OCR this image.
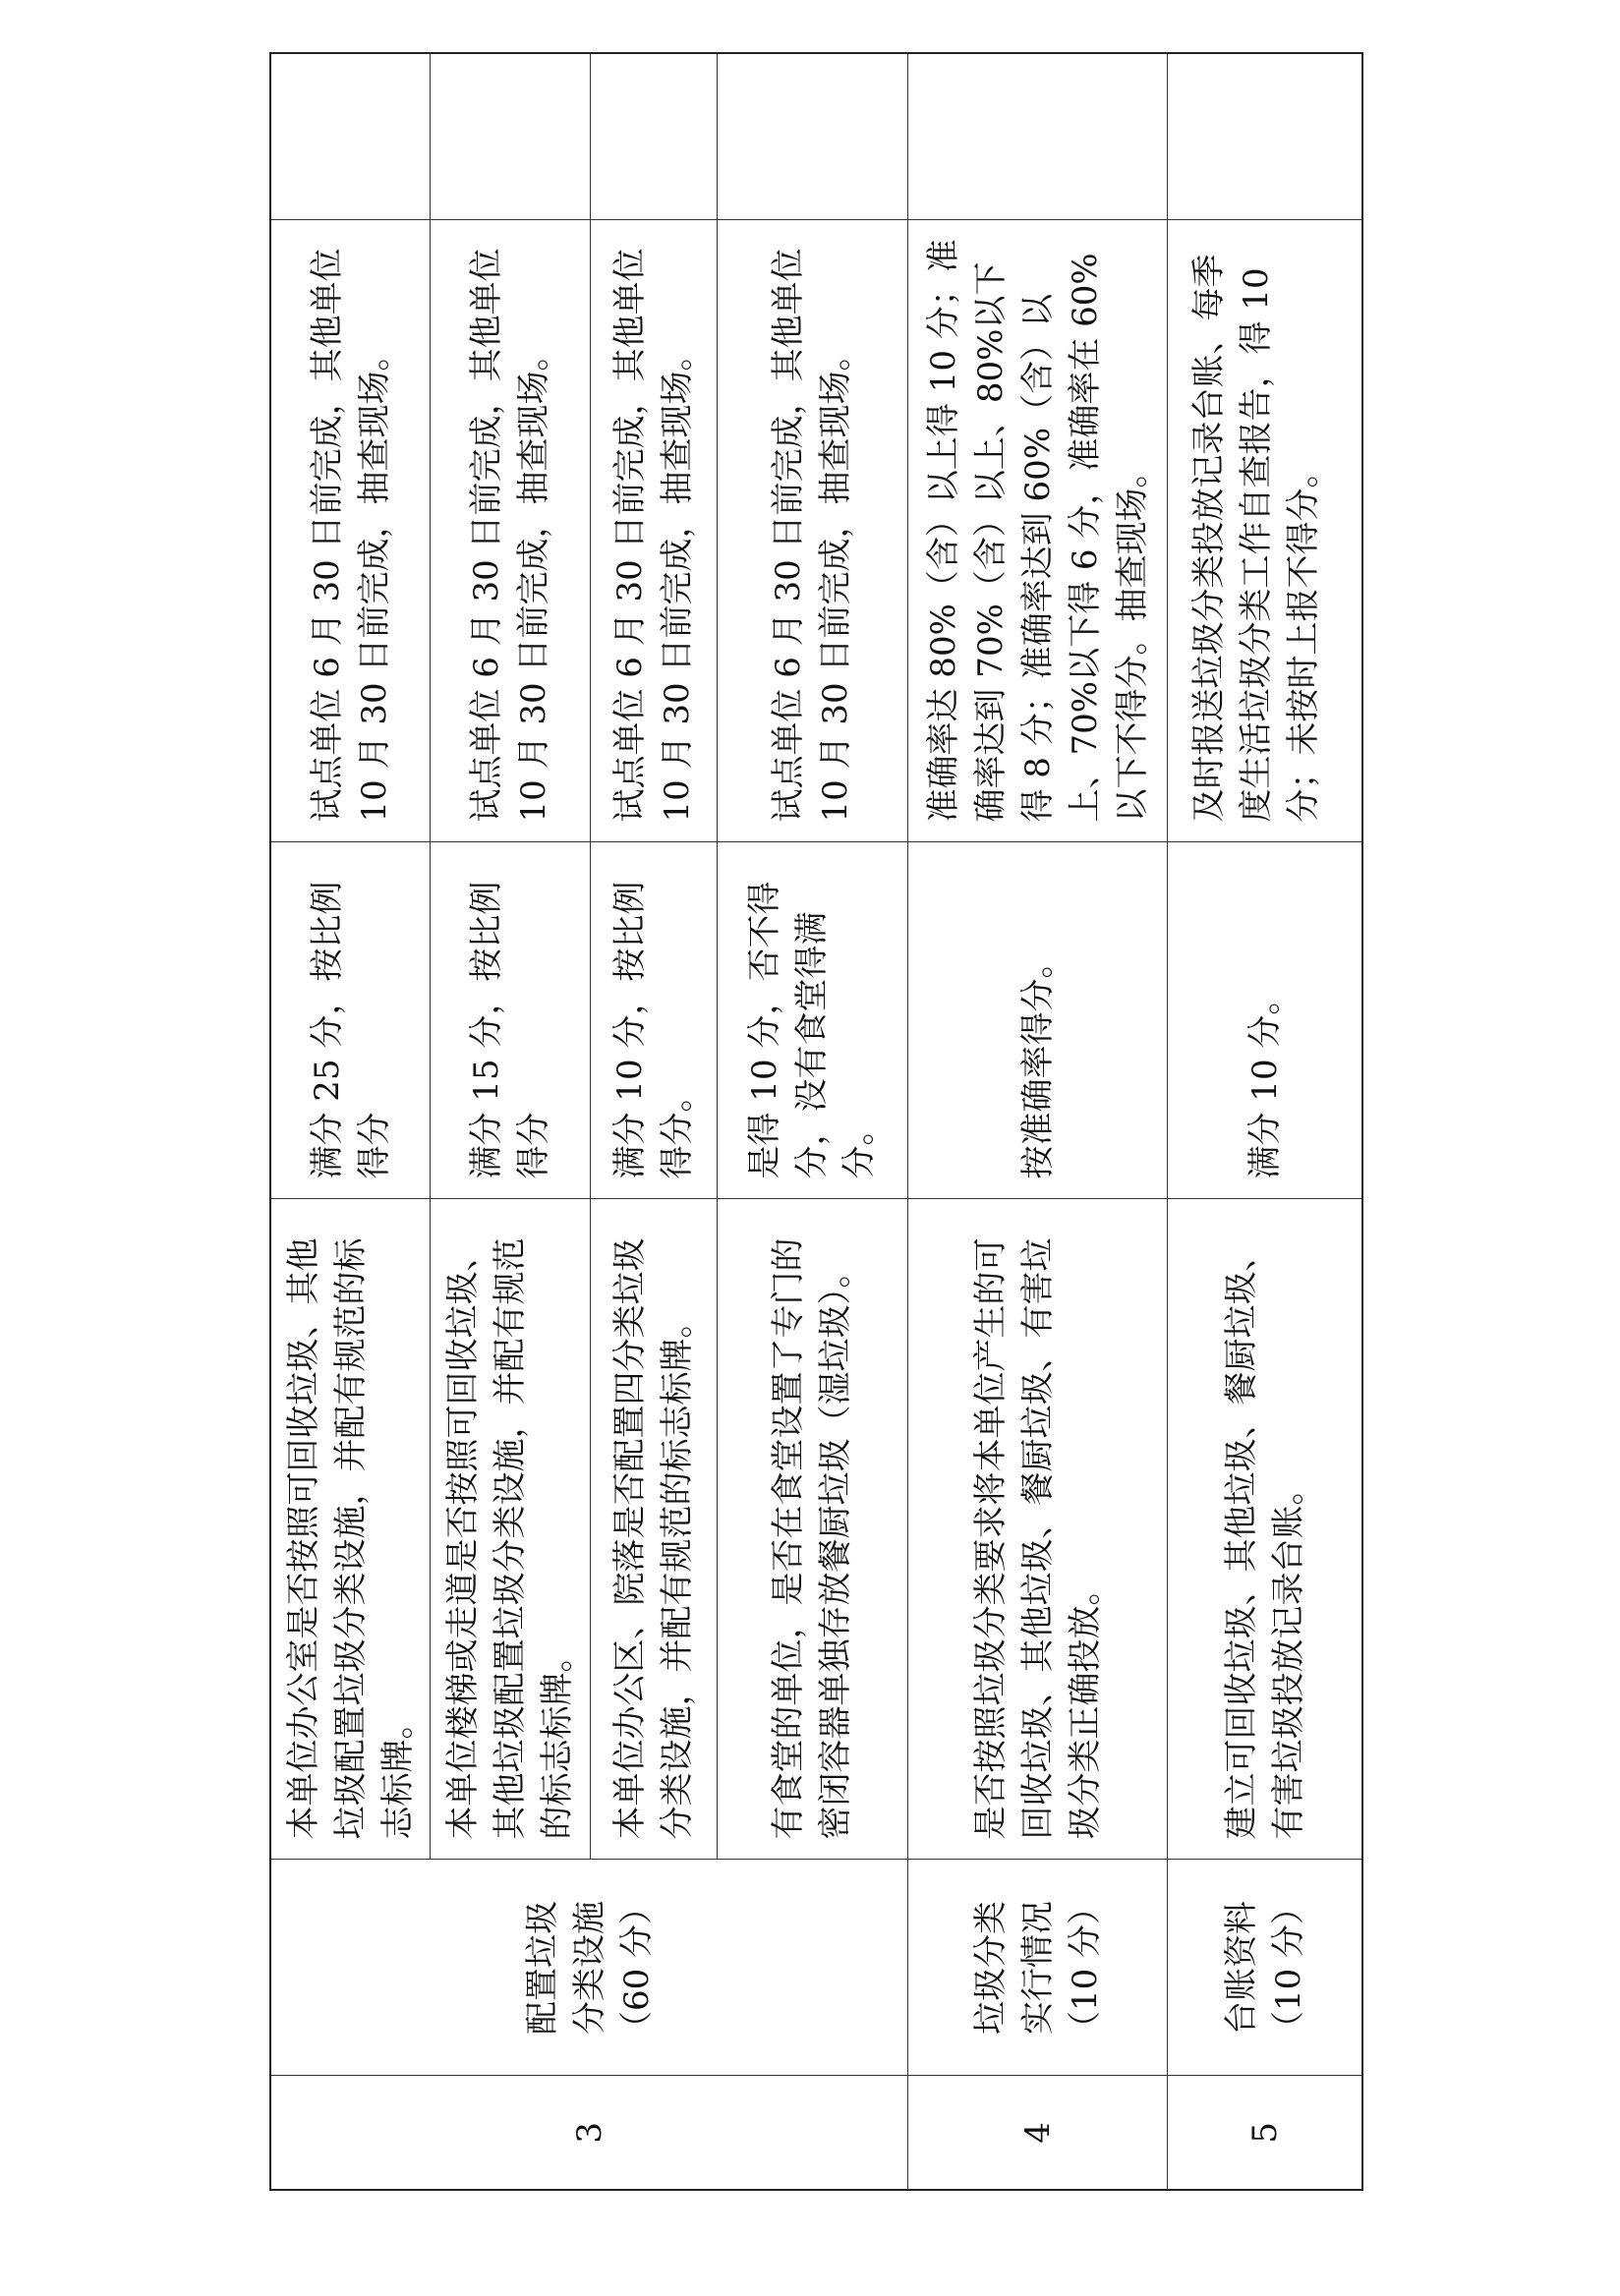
3	配置垃圾 分类设施 （60 分）	本单位办公室是否按照可回收垃圾、其他垃圾配置垃圾分类设施，并配有规范的标志标牌。	满分 25 分，按比例得分	试点单位 6 月 30 日前完成，其他单位 10 月 30 日前完成，抽查现场。	
		本单位楼梯或走道是否按照可回收垃圾、其他垃圾配置垃圾分类设施，并配有规范的标志标牌。	满分 15 分，按比例得分	试点单位 6 月 30 日前完成，其他单位 10 月 30 日前完成，抽查现场。	
		本单位办公区、院落是否配置四分类垃圾分类设施，并配有规范的标志标牌。	满分 10 分，按比例得分。	试点单位 6 月 30 日前完成，其他单位 10 月 30 日前完成，抽查现场。	
		有食堂的单位，是否在食堂设置了专门的密闭容器单独存放餐厨垃圾（湿垃圾）。	是得 10 分，否不得分，没有食堂得满分。	试点单位 6 月 30 日前完成，其他单位 10 月 30 日前完成，抽查现场。	
4	垃圾分类 实行情况 （10 分）	是否按照垃圾分类要求将本单位产生的可回收垃圾、其他垃圾、餐厨垃圾、有害垃圾分类正确投放。	按准确率得分。	准确率达 80%（含）以上得 10 分；准确率达到 70%（含）以上、80%以下得 8 分；准确率达到 60%（含）以上、70%以下得 6 分，准确率在 60%以下不得分。抽查现场。	
5	台账资料 （10 分）	建立可回收垃圾、其他垃圾、餐厨垃圾、有害垃圾投放记录台账。	满分 10 分。	及时报送垃圾分类投放记录台账、每季度生活垃圾分类工作自查报告，得 10 分；未按时上报不得分。	
